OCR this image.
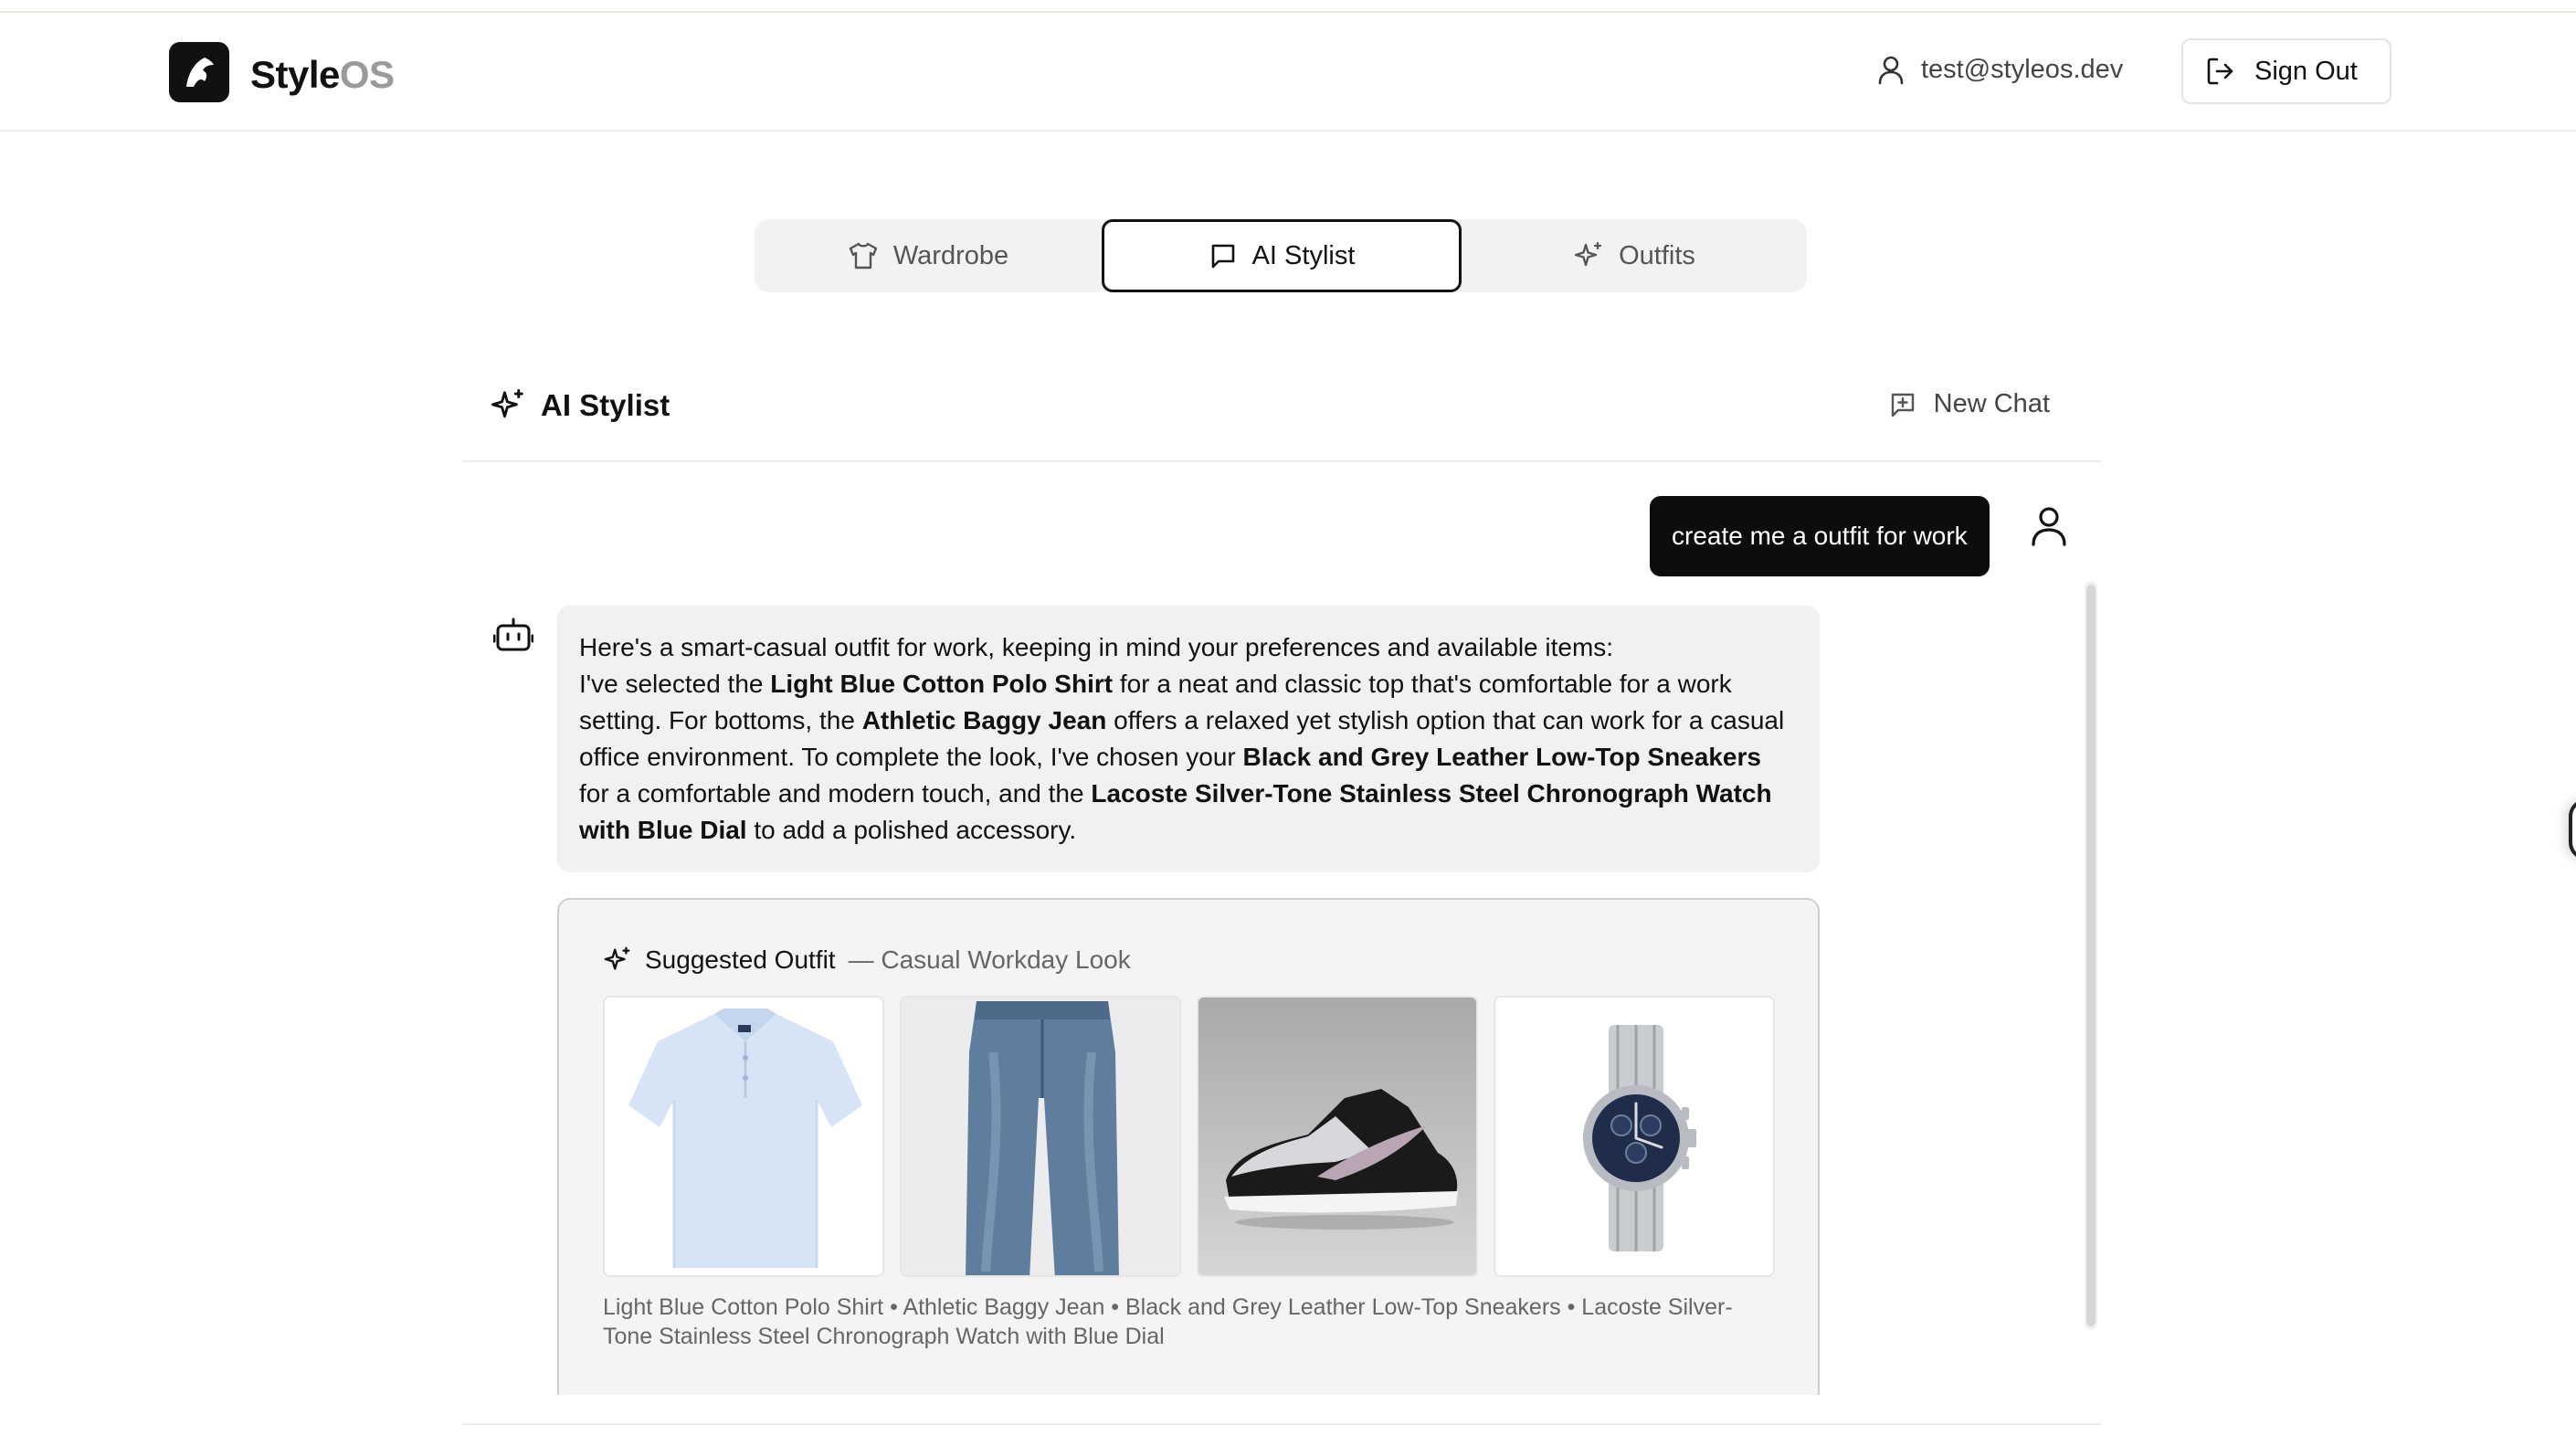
StyleOS	test@styleos.dev	Sign Out
Wardrobe	AI Stylist	Outfits
AI Stylist	New Chat
create me a outfit for work
Here's a smart-casual outfit for work, keeping in mind your preferences and available items:
I've selected the Light Blue Cotton Polo Shirt for a neat and classic top that's comfortable for a work setting. For bottoms, the Athletic Baggy Jean offers a relaxed yet stylish option that can work for a casual office environment. To complete the look, I've chosen your Black and Grey Leather Low-Top Sneakers for a comfortable and modern touch, and the Lacoste Silver-Tone Stainless Steel Chronograph Watch with Blue Dial to add a polished accessory.
Suggested Outfit — Casual Workday Look
Light Blue Cotton Polo Shirt • Athletic Baggy Jean • Black and Grey Leather Low-Top Sneakers • Lacoste Silver-Tone Stainless Steel Chronograph Watch with Blue Dial
